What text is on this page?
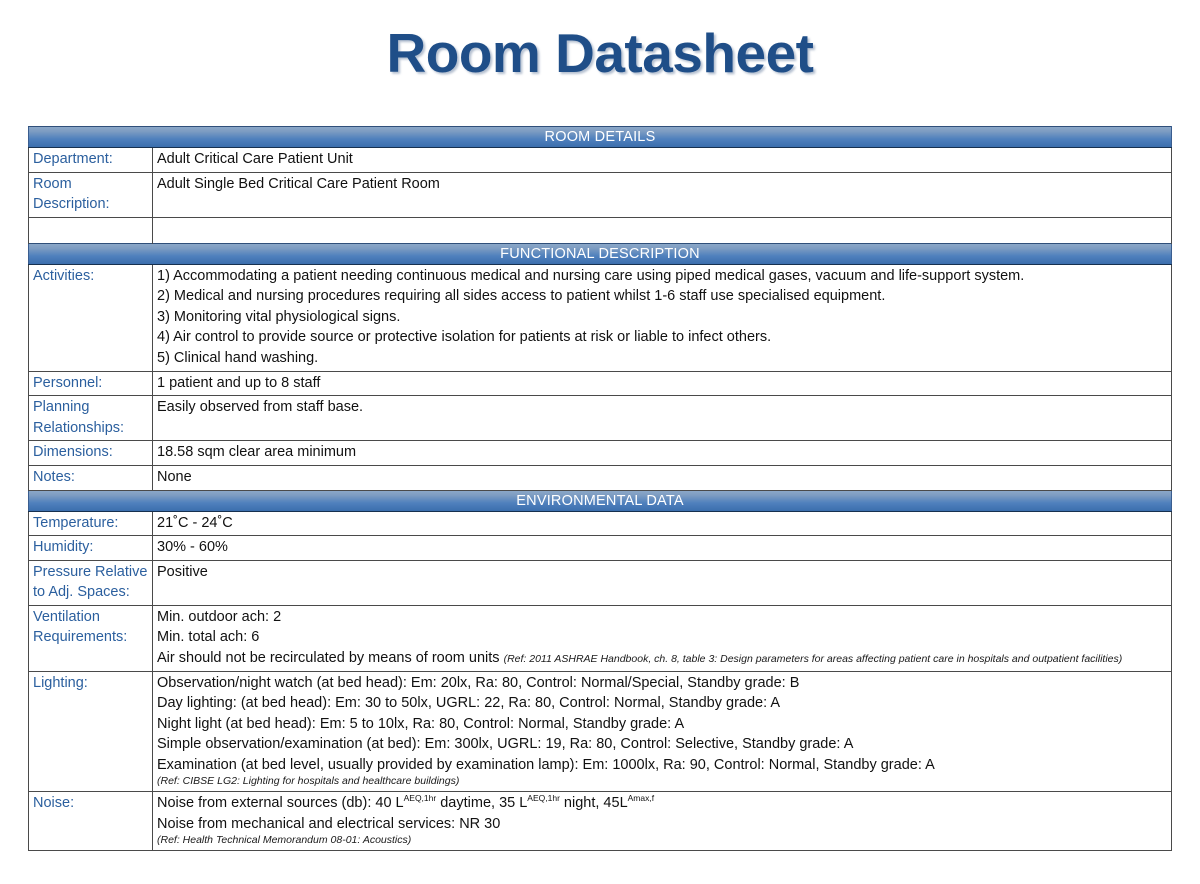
Room Datasheet
ROOM DETAILS	

Department:	Adult Critical Care Patient Unit
Room Description:	Adult Single Bed Critical Care Patient Room

FUNCTIONAL DESCRIPTION	

Activities:	1) Accommodating a patient needing continuous medical and nursing care using piped medical gases, vacuum and life-support system.
2) Medical and nursing procedures requiring all sides access to patient whilst 1-6 staff use specialised equipment.
3) Monitoring vital physiological signs.
4) Air control to provide source or protective isolation for patients at risk or liable to infect others.
5) Clinical hand washing.

Personnel:	1 patient and up to 8 staff
Planning Relationships:	Easily observed from staff base.
Dimensions:	18.58 sqm clear area minimum
Notes:	None

ENVIRONMENTAL DATA	

Temperature:	21˚C - 24˚C
Humidity:	30% - 60%
Pressure Relative to Adj. Spaces:	Positive
Ventilation Requirements:	Min. outdoor ach: 2
Min. total ach: 6
Air should not be recirculated by means of room units (Ref: 2011 ASHRAE Handbook, ch. 8, table 3: Design parameters for areas affecting patient care in hospitals and outpatient facilities)

Lighting:	Observation/night watch (at bed head): Em: 20lx, Ra: 80, Control: Normal/Special, Standby grade: B
Day lighting: (at bed head): Em: 30 to 50lx, UGRL: 22, Ra: 80, Control: Normal, Standby grade: A
Night light (at bed head): Em: 5 to 10lx, Ra: 80, Control: Normal, Standby grade: A
Simple observation/examination (at bed): Em: 300lx, UGRL: 19, Ra: 80, Control: Selective, Standby grade: A
Examination (at bed level, usually provided by examination lamp): Em: 1000lx, Ra: 90, Control: Normal, Standby grade: A
(Ref: CIBSE LG2: Lighting for hospitals and healthcare buildings)

Noise:	Noise from external sources (db): 40 $L^{AEQ,1hr}$ daytime, 35 $L^{AEQ,1hr}$ night, $45L^{Amax,f}$
Noise from mechanical and electrical services: NR 30
(Ref: Health Technical Memorandum 08-01: Acoustics)
